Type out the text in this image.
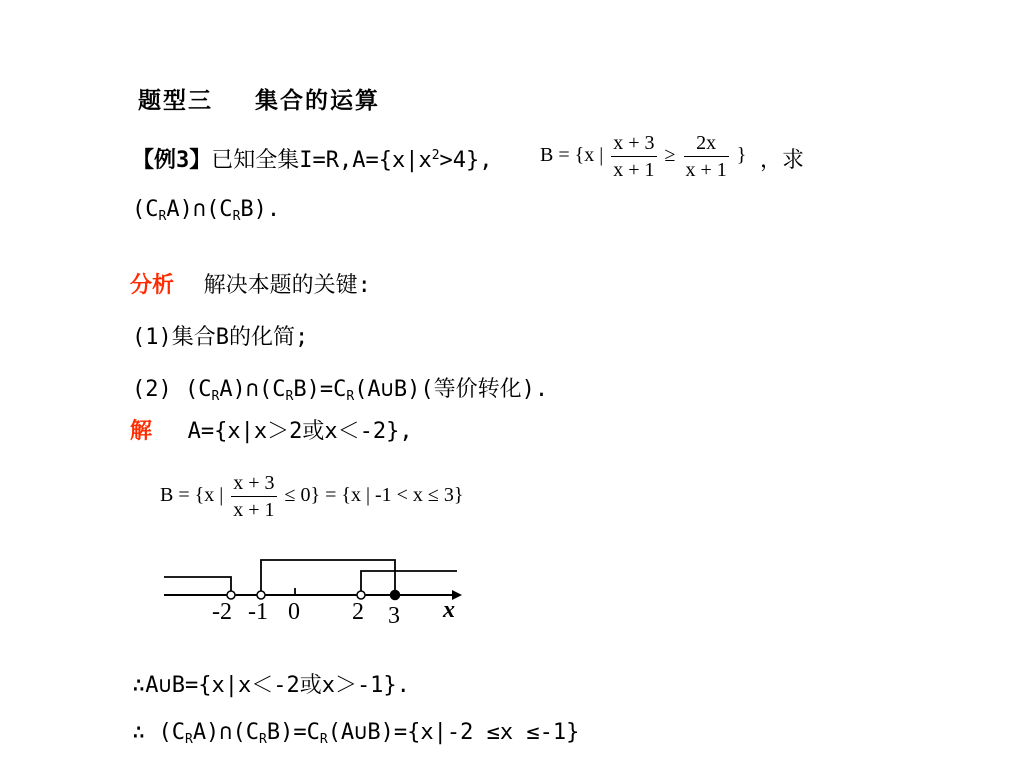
题型三 集合的运算
【例3】已知全集$I=R,A=\{x|x^2>4\}$, B = {x | $\frac{x + 3}{x + 1} \ge \frac{2x}{x + 1}$ } ，求
$(C_RA)\cap(C_RB)$.
分析 解决本题的关键:
(1)集合B的化简;
(2) $(C_RA)\cap(C_RB)=C_R(A\cup B)$(等价转化).
解 A={x|x＞2或x＜-2},
B = {x | $\frac{x + 3}{x + 1} \le 0\} = \{x$ | -1 < x ≤ 3}
-2 -1 0 2 3 x
∴A∪B={x|x＜-2或x＞-1}.
∴ $(C_RA)\cap(C_RB)=C_R(A\cup B)=\{x|-2 \le x \le-1\}$
